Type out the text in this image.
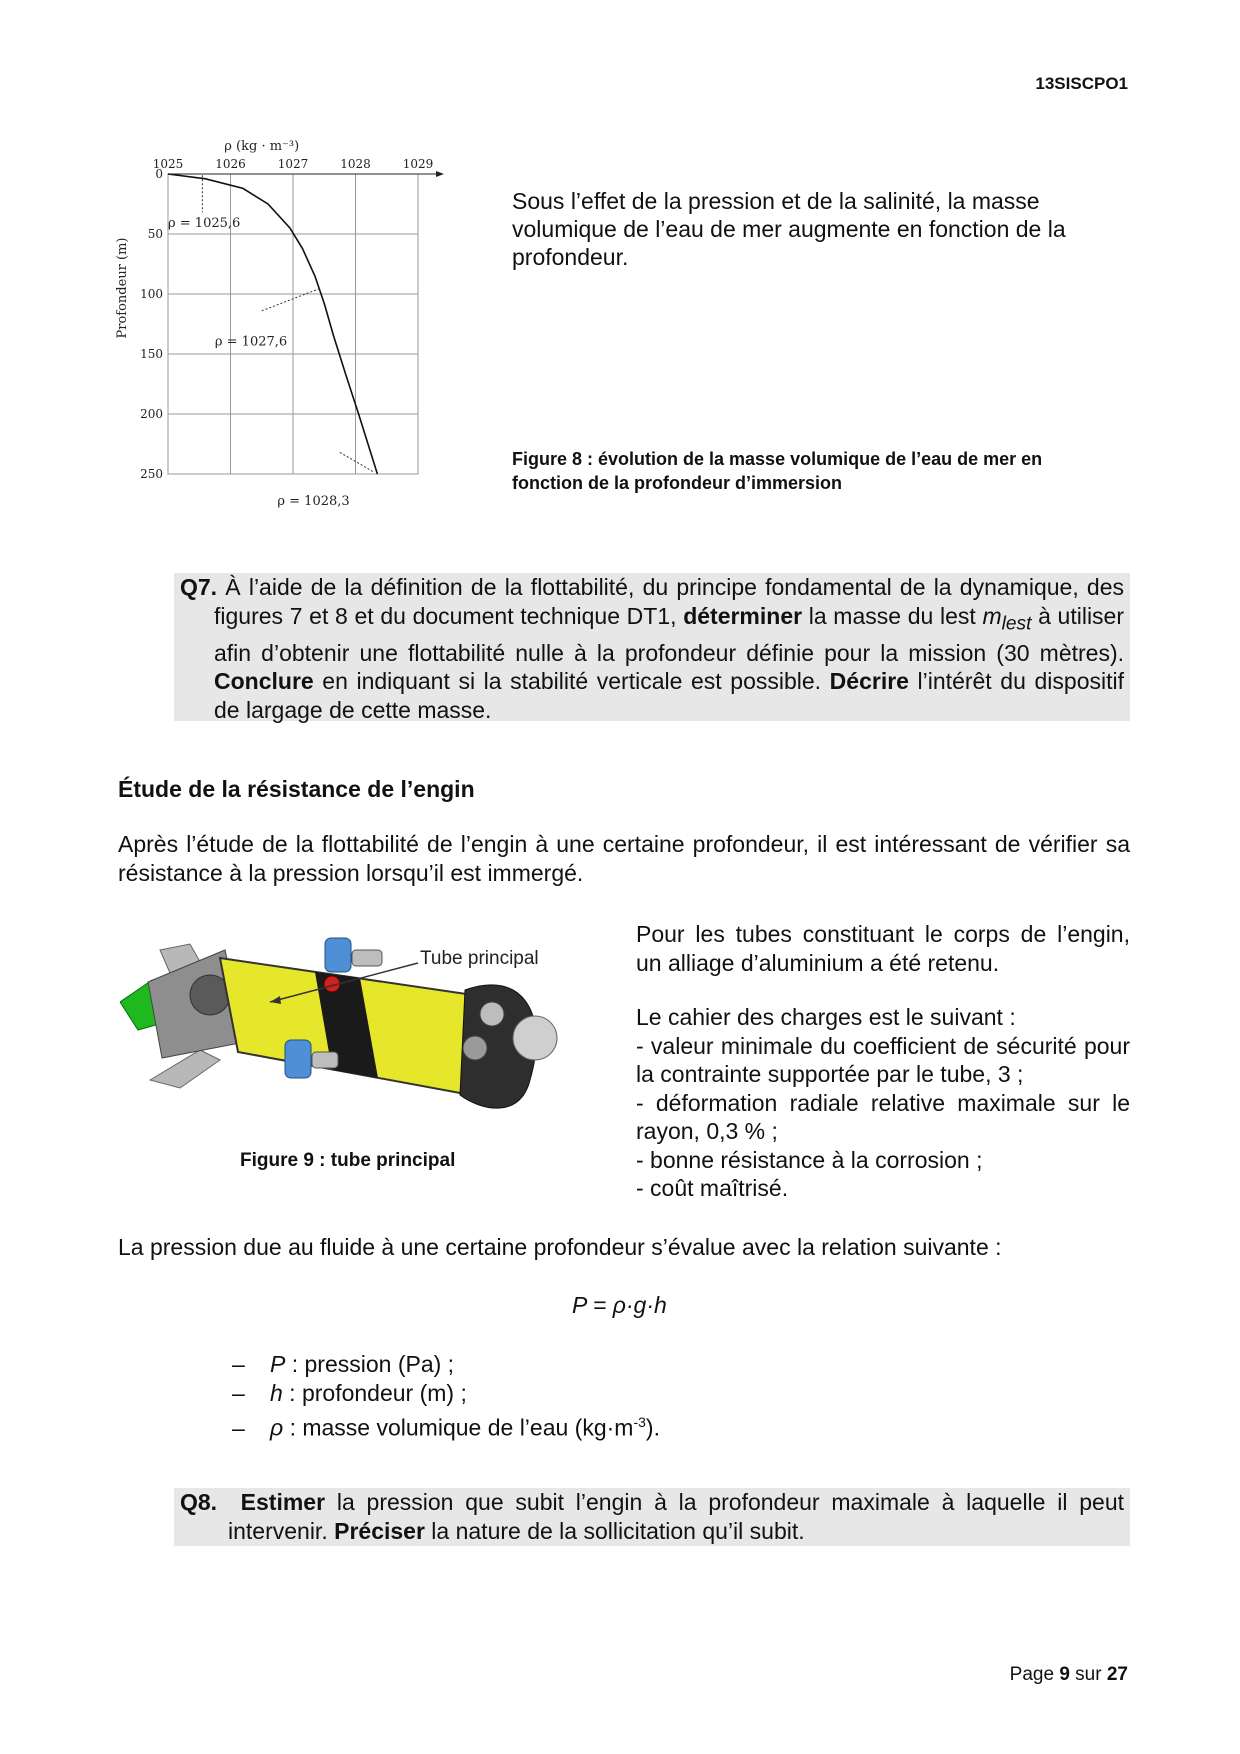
13SISCPO1
1025	1026	1027	1028	1029
0
50
100
150
200
250
ρ (kg · m⁻³)
Profondeur (m)
ρ = 1025,6
ρ = 1027,6
ρ = 1028,3
Sous l’effet de la pression et de la salinité, la masse volumique de l’eau de mer augmente en fonction de la profondeur.
Figure 8 : évolution de la masse volumique de l’eau de mer en fonction de la profondeur d’immersion

Q7. À l’aide de la définition de la flottabilité, du principe fondamental de la dynamique, des figures 7 et 8 et du document technique DT1, déterminer la masse du lest $m_{lest}$ à utiliser afin d’obtenir une flottabilité nulle à la profondeur définie pour la mission (30 mètres). Conclure en indiquant si la stabilité verticale est possible. Décrire l’intérêt du dispositif de largage de cette masse.

Étude de la résistance de l’engin
Après l’étude de la flottabilité de l’engin à une certaine profondeur, il est intéressant de vérifier sa résistance à la pression lorsqu’il est immergé.
Tube principal
Figure 9 : tube principal

Pour les tubes constituant le corps de l’engin, un alliage d’aluminium a été retenu.

Le cahier des charges est le suivant :

- valeur minimale du coefficient de sécurité pour la contrainte supportée par le tube, 3 ;

- déformation radiale relative maximale sur le rayon, 0,3 % ;

- bonne résistance à la corrosion ;

- coût maîtrisé.

La pression due au fluide à une certaine profondeur s’évalue avec la relation suivante :
P = ρ·g·h
– P : pression (Pa) ;
– h : profondeur (m) ;
– ρ : masse volumique de l’eau $(kg\cdot m^{-3})$.

Q8. Estimer la pression que subit l’engin à la profondeur maximale à laquelle il peut intervenir. Préciser la nature de la sollicitation qu’il subit.

Page 9 sur 27
